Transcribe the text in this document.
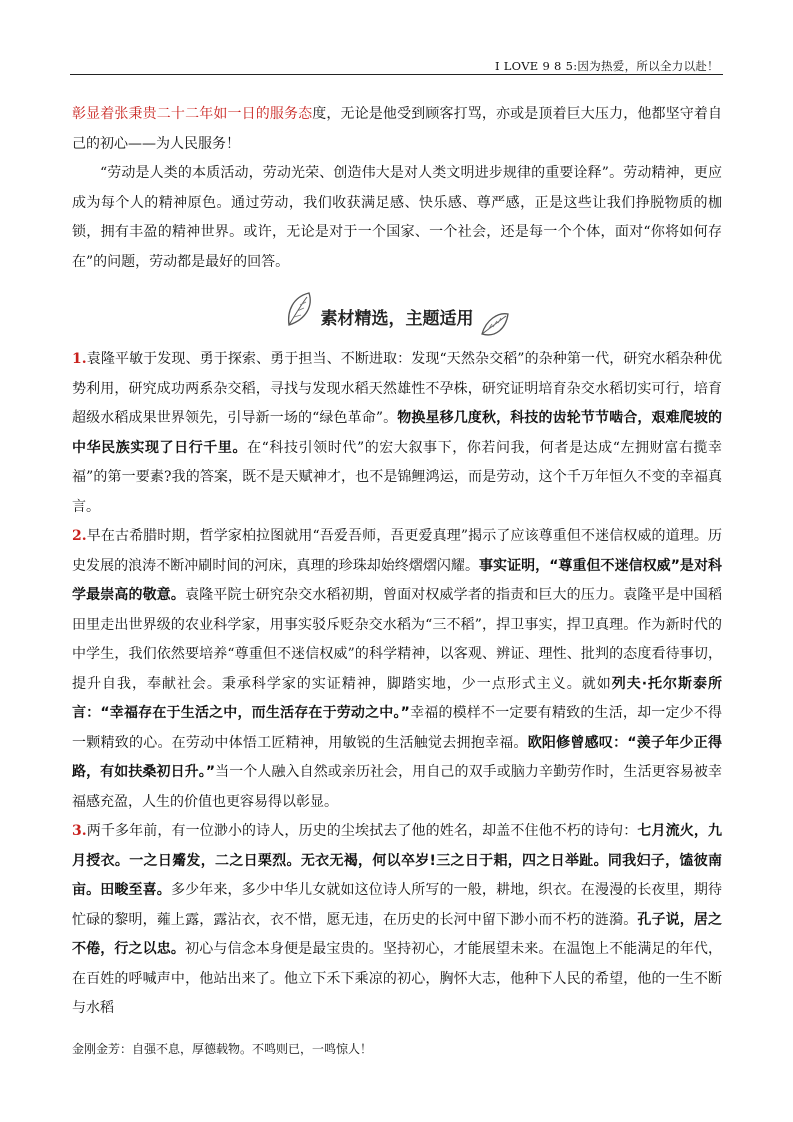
I LOVE 9 8 5:因为热爱，所以全力以赴！

彰显着张秉贵二十二年如一日的服务态度，无论是他受到顾客打骂，亦或是顶着巨大压力，他都坚守着自己的初心——为人民服务！

“劳动是人类的本质活动，劳动光荣、创造伟大是对人类文明进步规律的重要诠释”。劳动精神，更应成为每个人的精神原色。通过劳动，我们收获满足感、快乐感、尊严感，正是这些让我们挣脱物质的枷锁，拥有丰盈的精神世界。或许，无论是对于一个国家、一个社会，还是每一个个体，面对“你将如何存在”的问题，劳动都是最好的回答。

素材精选，主题适用

1.袁隆平敏于发现、勇于探索、勇于担当、不断进取：发现“天然杂交稻”的杂种第一代，研究水稻杂种优势利用，研究成功两系杂交稻，寻找与发现水稻天然雄性不孕株，研究证明培育杂交水稻切实可行，培育超级水稻成果世界领先，引导新一场的“绿色革命”。物换星移几度秋，科技的齿轮节节啮合，艰难爬坡的中华民族实现了日行千里。在“科技引领时代”的宏大叙事下，你若问我，何者是达成“左拥财富右揽幸福”的第一要素?我的答案，既不是天赋神才，也不是锦鲤鸿运，而是劳动，这个千万年恒久不变的幸福真言。

2.早在古希腊时期，哲学家柏拉图就用“吾爱吾师，吾更爱真理”揭示了应该尊重但不迷信权威的道理。历史发展的浪涛不断冲刷时间的河床，真理的珍珠却始终熠熠闪耀。事实证明，“尊重但不迷信权威”是对科学最崇高的敬意。袁隆平院士研究杂交水稻初期，曾面对权威学者的指责和巨大的压力。袁隆平是中国稻田里走出世界级的农业科学家，用事实驳斥贬杂交水稻为“三不稻”，捍卫事实，捍卫真理。作为新时代的中学生，我们依然要培养“尊重但不迷信权威”的科学精神，以客观、辨证、理性、批判的态度看待事切，提升自我，奉献社会。秉承科学家的实证精神，脚踏实地，少一点形式主义。就如列夫·托尔斯泰所言：“幸福存在于生活之中，而生活存在于劳动之中。”幸福的模样不一定要有精致的生活，却一定少不得一颗精致的心。在劳动中体悟工匠精神，用敏锐的生活触觉去拥抱幸福。欧阳修曾感叹：“羡子年少正得路，有如扶桑初日升。”当一个人融入自然或亲历社会，用自己的双手或脑力辛勤劳作时，生活更容易被幸福感充盈，人生的价值也更容易得以彰显。

3.两千多年前，有一位渺小的诗人，历史的尘埃拭去了他的姓名，却盖不住他不朽的诗句：七月流火，九月授衣。一之日觱发，二之日栗烈。无衣无褐，何以卒岁!三之日于耜，四之日举趾。同我妇子，馌彼南亩。田畯至喜。多少年来，多少中华儿女就如这位诗人所写的一般，耕地，织衣。在漫漫的长夜里，期待忙碌的黎明，蕹上露，露沾衣，衣不惜，愿无违，在历史的长河中留下渺小而不朽的涟漪。孔子说，居之不倦，行之以忠。初心与信念本身便是最宝贵的。坚持初心，才能展望未来。在温饱上不能满足的年代，在百姓的呼喊声中，他站出来了。他立下禾下乘凉的初心，胸怀大志，他种下人民的希望，他的一生不断与水稻

金刚金芳：自强不息，厚德载物。不鸣则已，一鸣惊人！
